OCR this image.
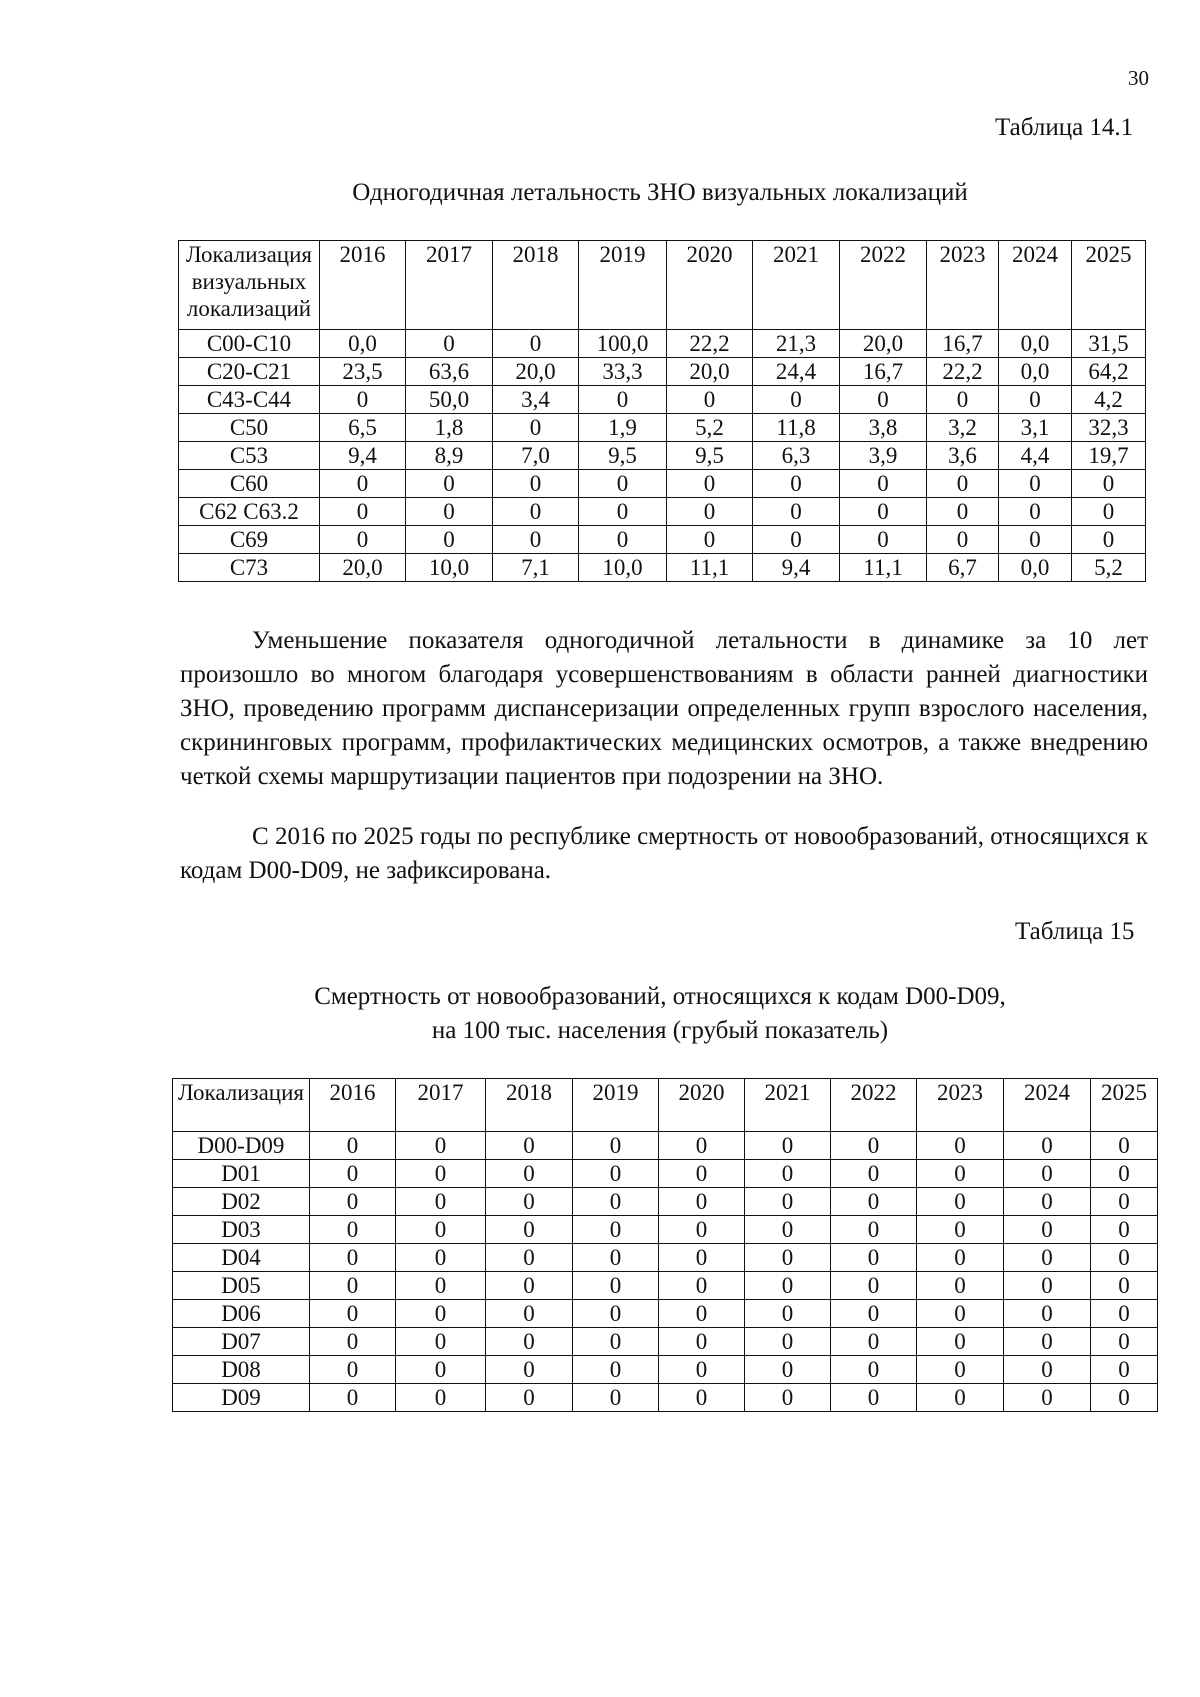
30
Таблица 14.1
Одногодичная летальность ЗНО визуальных локализаций
Локализация визуальных локализаций	2016	2017	2018	2019	2020	2021	2022	2023	2024	2025
С00-С10	0,0	0	0	100,0	22,2	21,3	20,0	16,7	0,0	31,5
С20-С21	23,5	63,6	20,0	33,3	20,0	24,4	16,7	22,2	0,0	64,2
С43-С44	0	50,0	3,4	0	0	0	0	0	0	4,2
С50	6,5	1,8	0	1,9	5,2	11,8	3,8	3,2	3,1	32,3
С53	9,4	8,9	7,0	9,5	9,5	6,3	3,9	3,6	4,4	19,7
С60	0	0	0	0	0	0	0	0	0	0
С62 С63.2	0	0	0	0	0	0	0	0	0	0
С69	0	0	0	0	0	0	0	0	0	0
С73	20,0	10,0	7,1	10,0	11,1	9,4	11,1	6,7	0,0	5,2
Уменьшение показателя одногодичной летальности в динамике за 10 лет произошло во многом благодаря усовершенствованиям в области ранней диагностики ЗНО, проведению программ диспансеризации определенных групп взрослого населения, скрининговых программ, профилактических медицинских осмотров, а также внедрению четкой схемы маршрутизации пациентов при подозрении на ЗНО.
С 2016 по 2025 годы по республике смертность от новообразований, относящихся к кодам D00-D09, не зафиксирована.
Таблица 15
Смертность от новообразований, относящихся к кодам D00-D09,
на 100 тыс. населения (грубый показатель)
Локализация	2016	2017	2018	2019	2020	2021	2022	2023	2024	2025
D00-D09	0	0	0	0	0	0	0	0	0	0
D01	0	0	0	0	0	0	0	0	0	0
D02	0	0	0	0	0	0	0	0	0	0
D03	0	0	0	0	0	0	0	0	0	0
D04	0	0	0	0	0	0	0	0	0	0
D05	0	0	0	0	0	0	0	0	0	0
D06	0	0	0	0	0	0	0	0	0	0
D07	0	0	0	0	0	0	0	0	0	0
D08	0	0	0	0	0	0	0	0	0	0
D09	0	0	0	0	0	0	0	0	0	0
